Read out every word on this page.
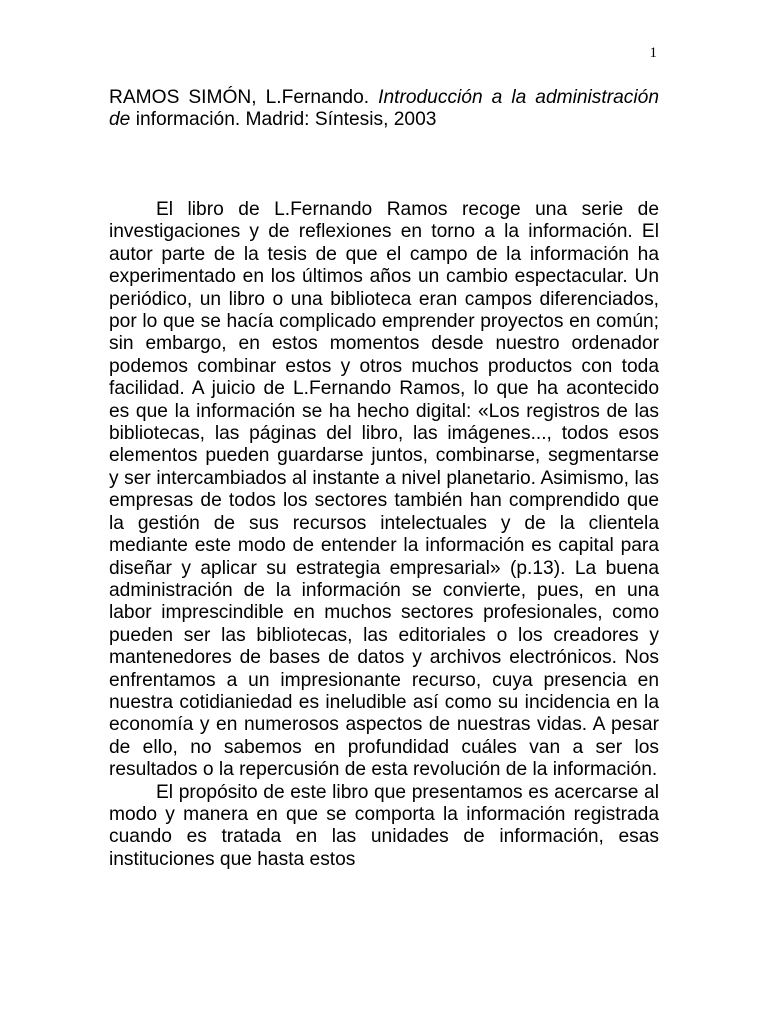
1
RAMOS SIMÓN, L.Fernando. Introducción a la administración de información. Madrid: Síntesis, 2003

El libro de L.Fernando Ramos recoge una serie de investigaciones y de reflexiones en torno a la información. El autor parte de la tesis de que el campo de la información ha experimentado en los últimos años un cambio espectacular. Un periódico, un libro o una biblioteca eran campos diferenciados, por lo que se hacía complicado emprender proyectos en común; sin embargo, en estos momentos desde nuestro ordenador podemos combinar estos y otros muchos productos con toda facilidad. A juicio de L.Fernando Ramos, lo que ha acontecido es que la información se ha hecho digital: «Los registros de las bibliotecas, las páginas del libro, las imágenes..., todos esos elementos pueden guardarse juntos, combinarse, segmentarse y ser intercambiados al instante a nivel planetario. Asimismo, las empresas de todos los sectores también han comprendido que la gestión de sus recursos intelectuales y de la clientela mediante este modo de entender la información es capital para diseñar y aplicar su estrategia empresarial» (p.13). La buena administración de la información se convierte, pues, en una labor imprescindible en muchos sectores profesionales, como pueden ser las bibliotecas, las editoriales o los creadores y mantenedores de bases de datos y archivos electrónicos. Nos enfrentamos a un impresionante recurso, cuya presencia en nuestra cotidianiedad es ineludible así como su incidencia en la economía y en numerosos aspectos de nuestras vidas. A pesar de ello, no sabemos en profundidad cuáles van a ser los resultados o la repercusión de esta revolución de la información.

El propósito de este libro que presentamos es acercarse al modo y manera en que se comporta la información registrada cuando es tratada en las unidades de información, esas instituciones que hasta estos
